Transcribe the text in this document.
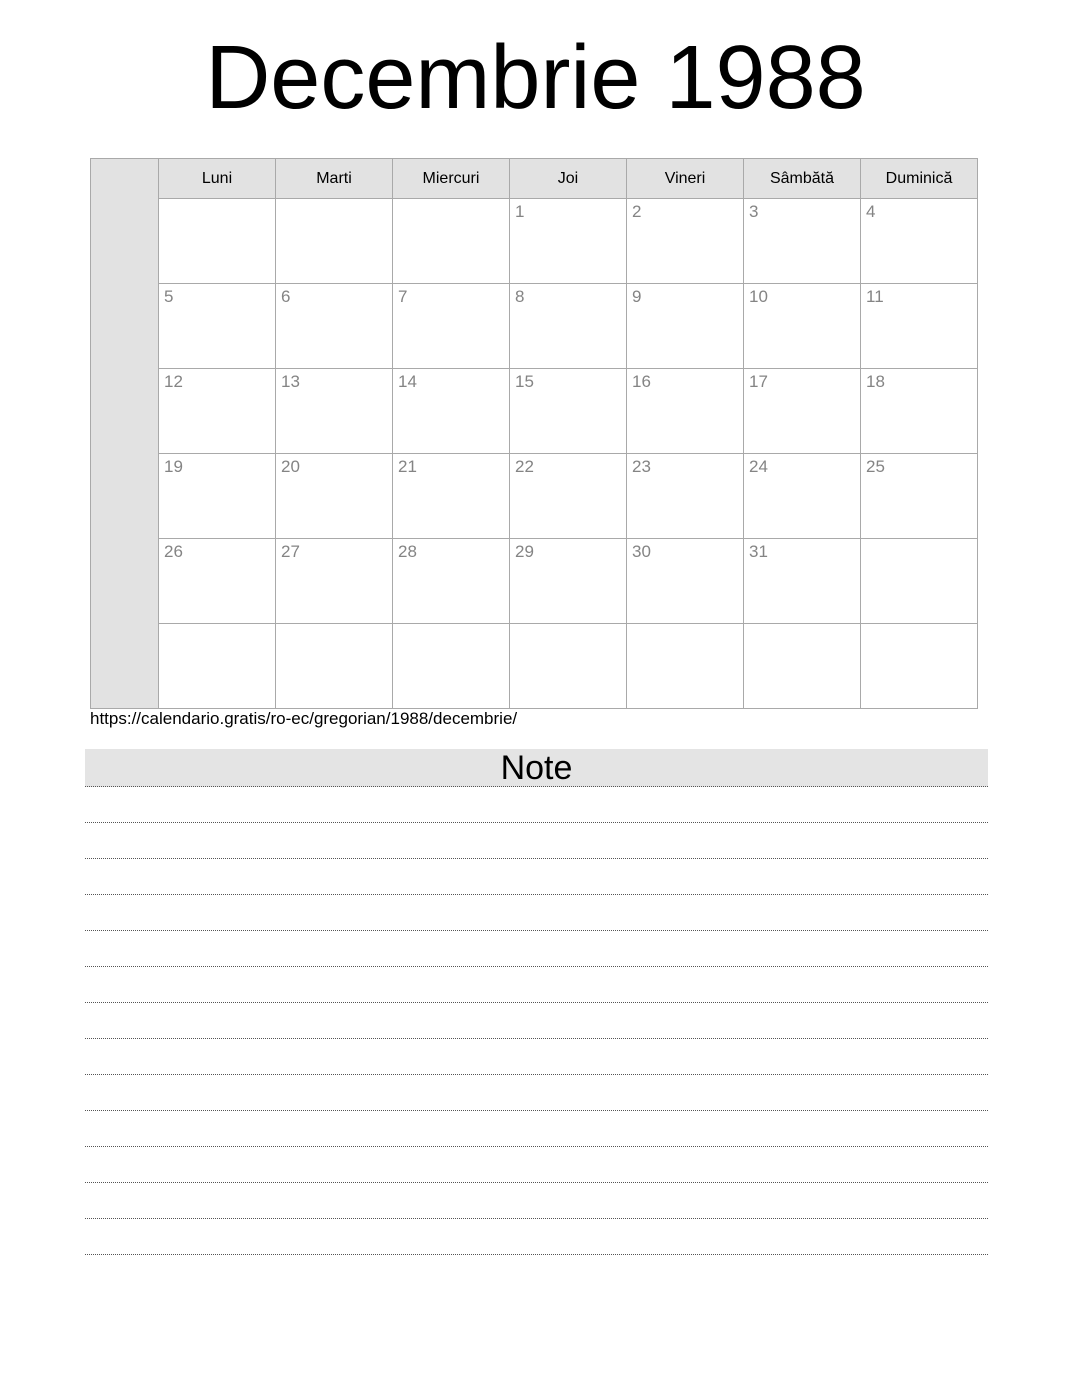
Decembrie 1988
	Luni	Marti	Miercuri	Joi	Vineri	Sâmbătă	Duminică
				1	2	3	4
	5	6	7	8	9	10	11
	12	13	14	15	16	17	18
	19	20	21	22	23	24	25
	26	27	28	29	30	31	

https://calendario.gratis/ro-ec/gregorian/1988/decembrie/
Note
